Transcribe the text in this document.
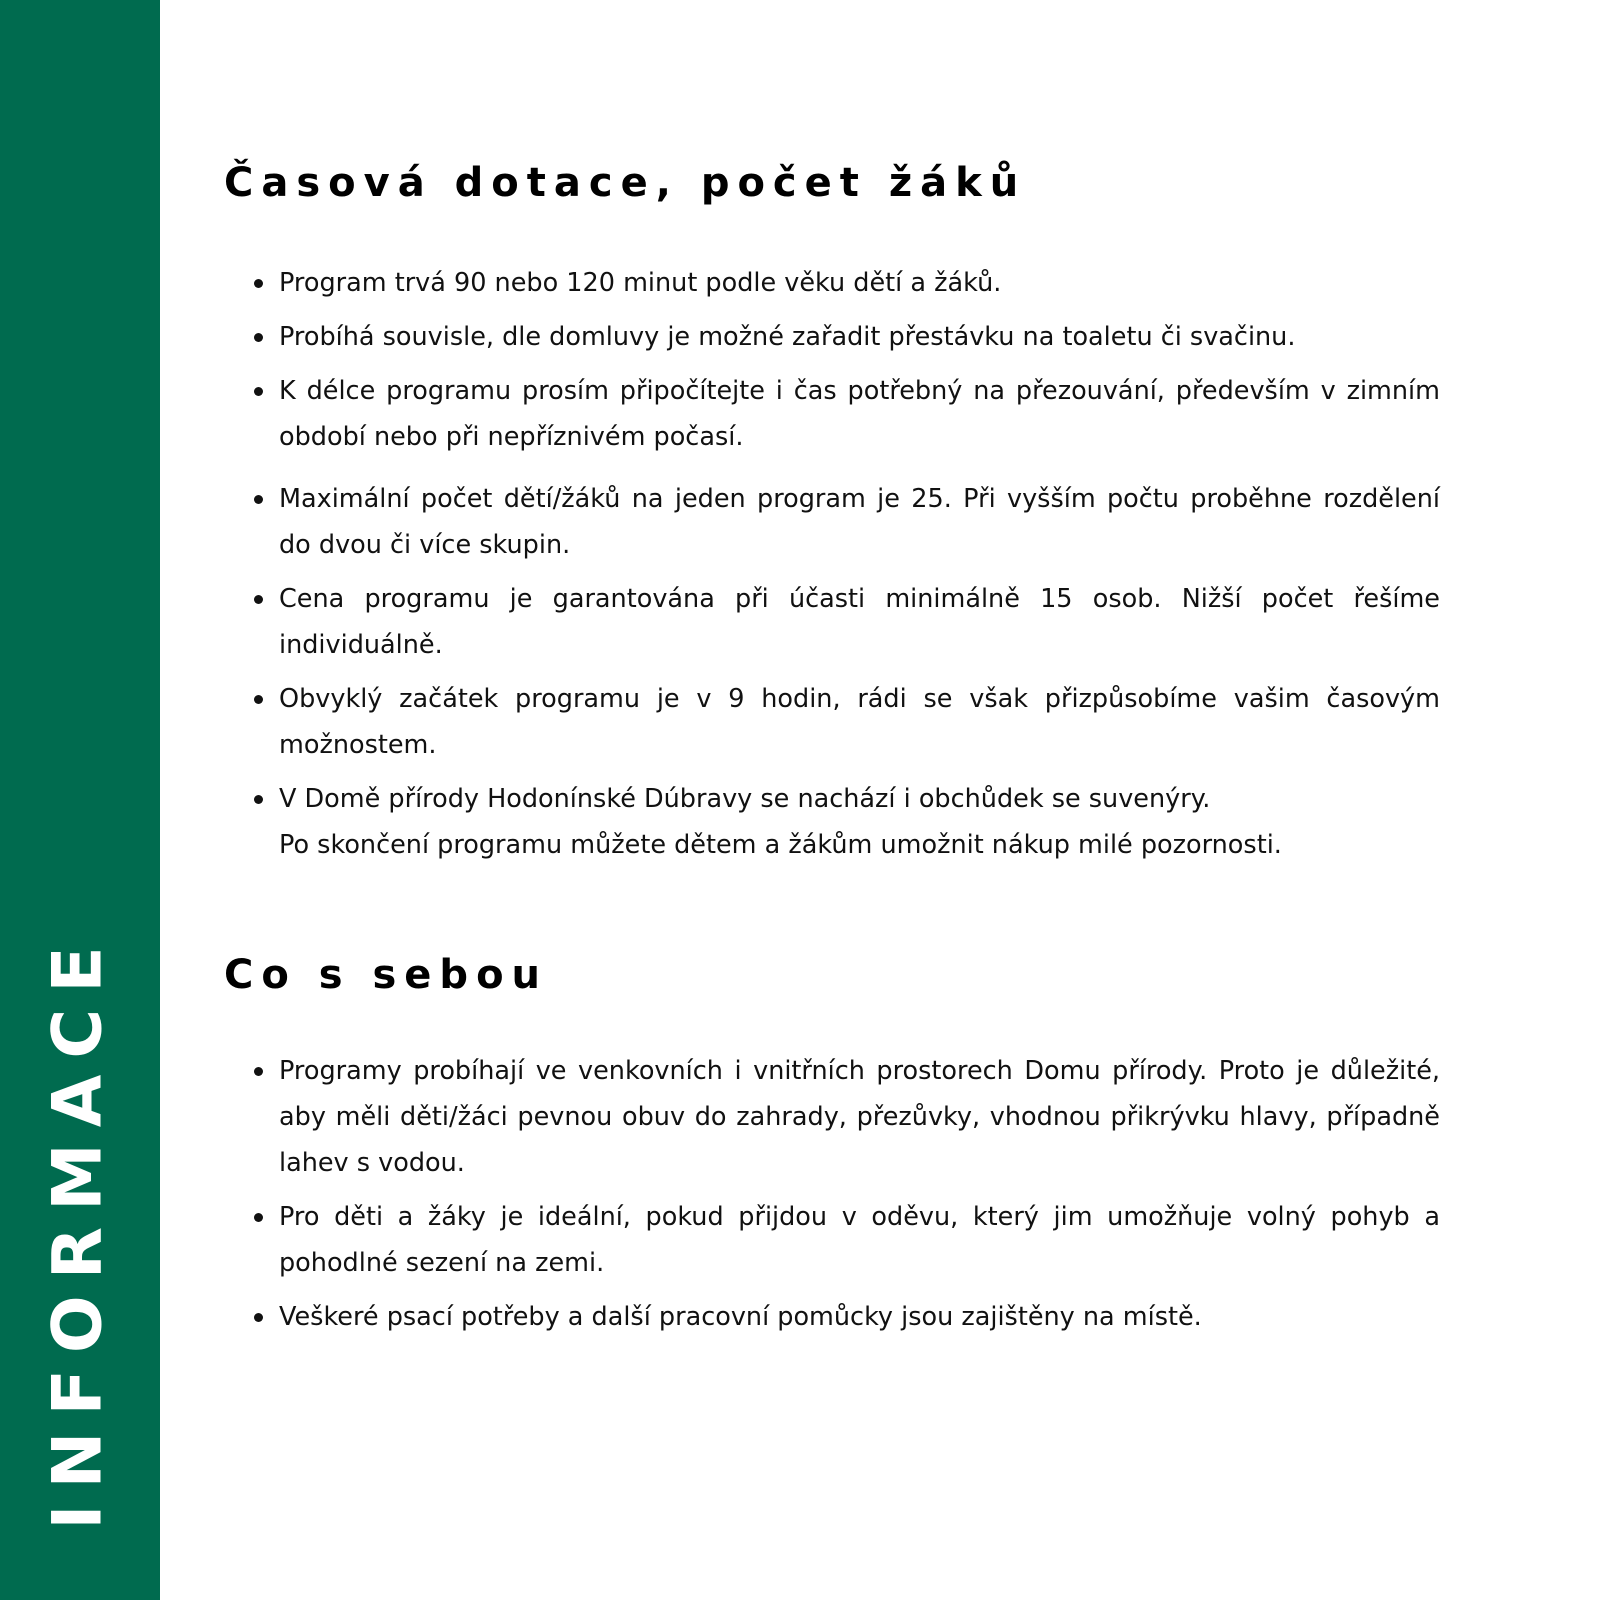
INFORMACE
Časová dotace, počet žáků
Program trvá 90 nebo 120 minut podle věku dětí a žáků.
Probíhá souvisle, dle domluvy je možné zařadit přestávku na toaletu či svačinu.
K délce programu prosím připočítejte i čas potřebný na přezouvání, především v zimním období nebo při nepříznivém počasí.
Maximální počet dětí/žáků na jeden program je 25. Při vyšším počtu proběhne rozdělení do dvou či více skupin.
Cena programu je garantována při účasti minimálně 15 osob. Nižší počet řešíme individuálně.
Obvyklý začátek programu je v 9 hodin, rádi se však přizpůsobíme vašim časovým možnostem.
V Domě přírody Hodonínské Dúbravy se nachází i obchůdek se suvenýry.
Po skončení programu můžete dětem a žákům umožnit nákup milé pozornosti.
Co s sebou
Programy probíhají ve venkovních i vnitřních prostorech Domu přírody. Proto je důležité, aby měli děti/žáci pevnou obuv do zahrady, přezůvky, vhodnou přikrývku hlavy, případně lahev s vodou.
Pro děti a žáky je ideální, pokud přijdou v oděvu, který jim umožňuje volný pohyb a pohodlné sezení na zemi.
Veškeré psací potřeby a další pracovní pomůcky jsou zajištěny na místě.
